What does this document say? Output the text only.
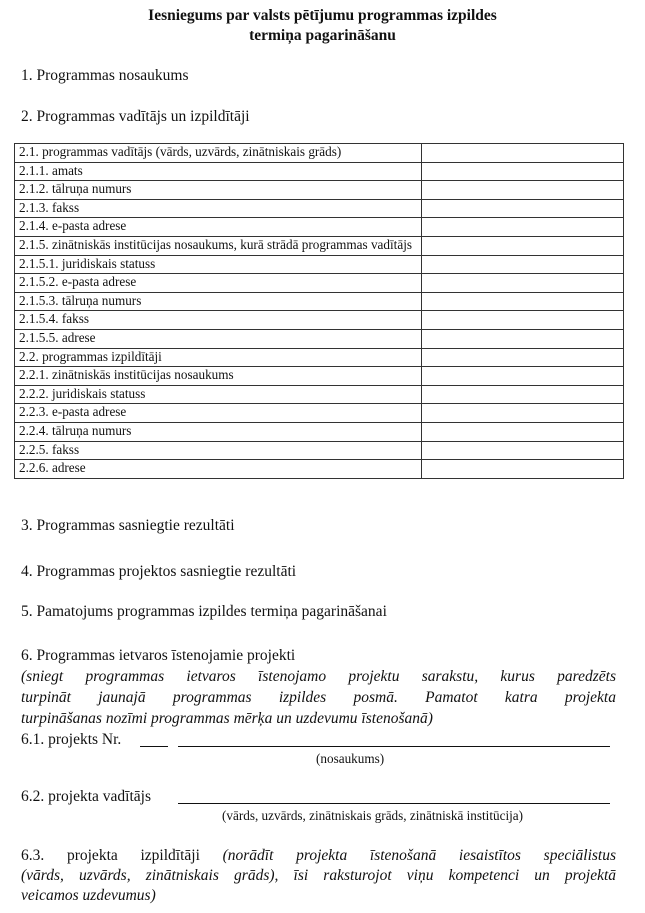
Iesniegums par valsts pētījumu programmas izpildes
termiņa pagarināšanu
1. Programmas nosaukums
2. Programmas vadītājs un izpildītāji
2.1. programmas vadītājs (vārds, uzvārds, zinātniskais grāds)	
2.1.1. amats	
2.1.2. tālruņa numurs	
2.1.3. fakss	
2.1.4. e-pasta adrese	
2.1.5. zinātniskās institūcijas nosaukums, kurā strādā programmas vadītājs	
2.1.5.1. juridiskais statuss	
2.1.5.2. e-pasta adrese	
2.1.5.3. tālruņa numurs	
2.1.5.4. fakss	
2.1.5.5. adrese	
2.2. programmas izpildītāji	
2.2.1. zinātniskās institūcijas nosaukums	
2.2.2. juridiskais statuss	
2.2.3. e-pasta adrese	
2.2.4. tālruņa numurs	
2.2.5. fakss	
2.2.6. adrese	
3. Programmas sasniegtie rezultāti
4. Programmas projektos sasniegtie rezultāti
5. Pamatojums programmas izpildes termiņa pagarināšanai
6. Programmas ietvaros īstenojamie projekti
(sniegt programmas ietvaros īstenojamo projektu sarakstu, kurus paredzēts
turpināt jaunajā programmas izpildes posmā. Pamatot katra projekta
turpināšanas nozīmi programmas mērķa un uzdevumu īstenošanā)
6.1. projekts Nr.
(nosaukums)
6.2. projekta vadītājs
(vārds, uzvārds, zinātniskais grāds, zinātniskā institūcija)
6.3. projekta izpildītāji (norādīt projekta īstenošanā iesaistītos speciālistus
(vārds, uzvārds, zinātniskais grāds), īsi raksturojot viņu kompetenci un projektā
veicamos uzdevumus)
